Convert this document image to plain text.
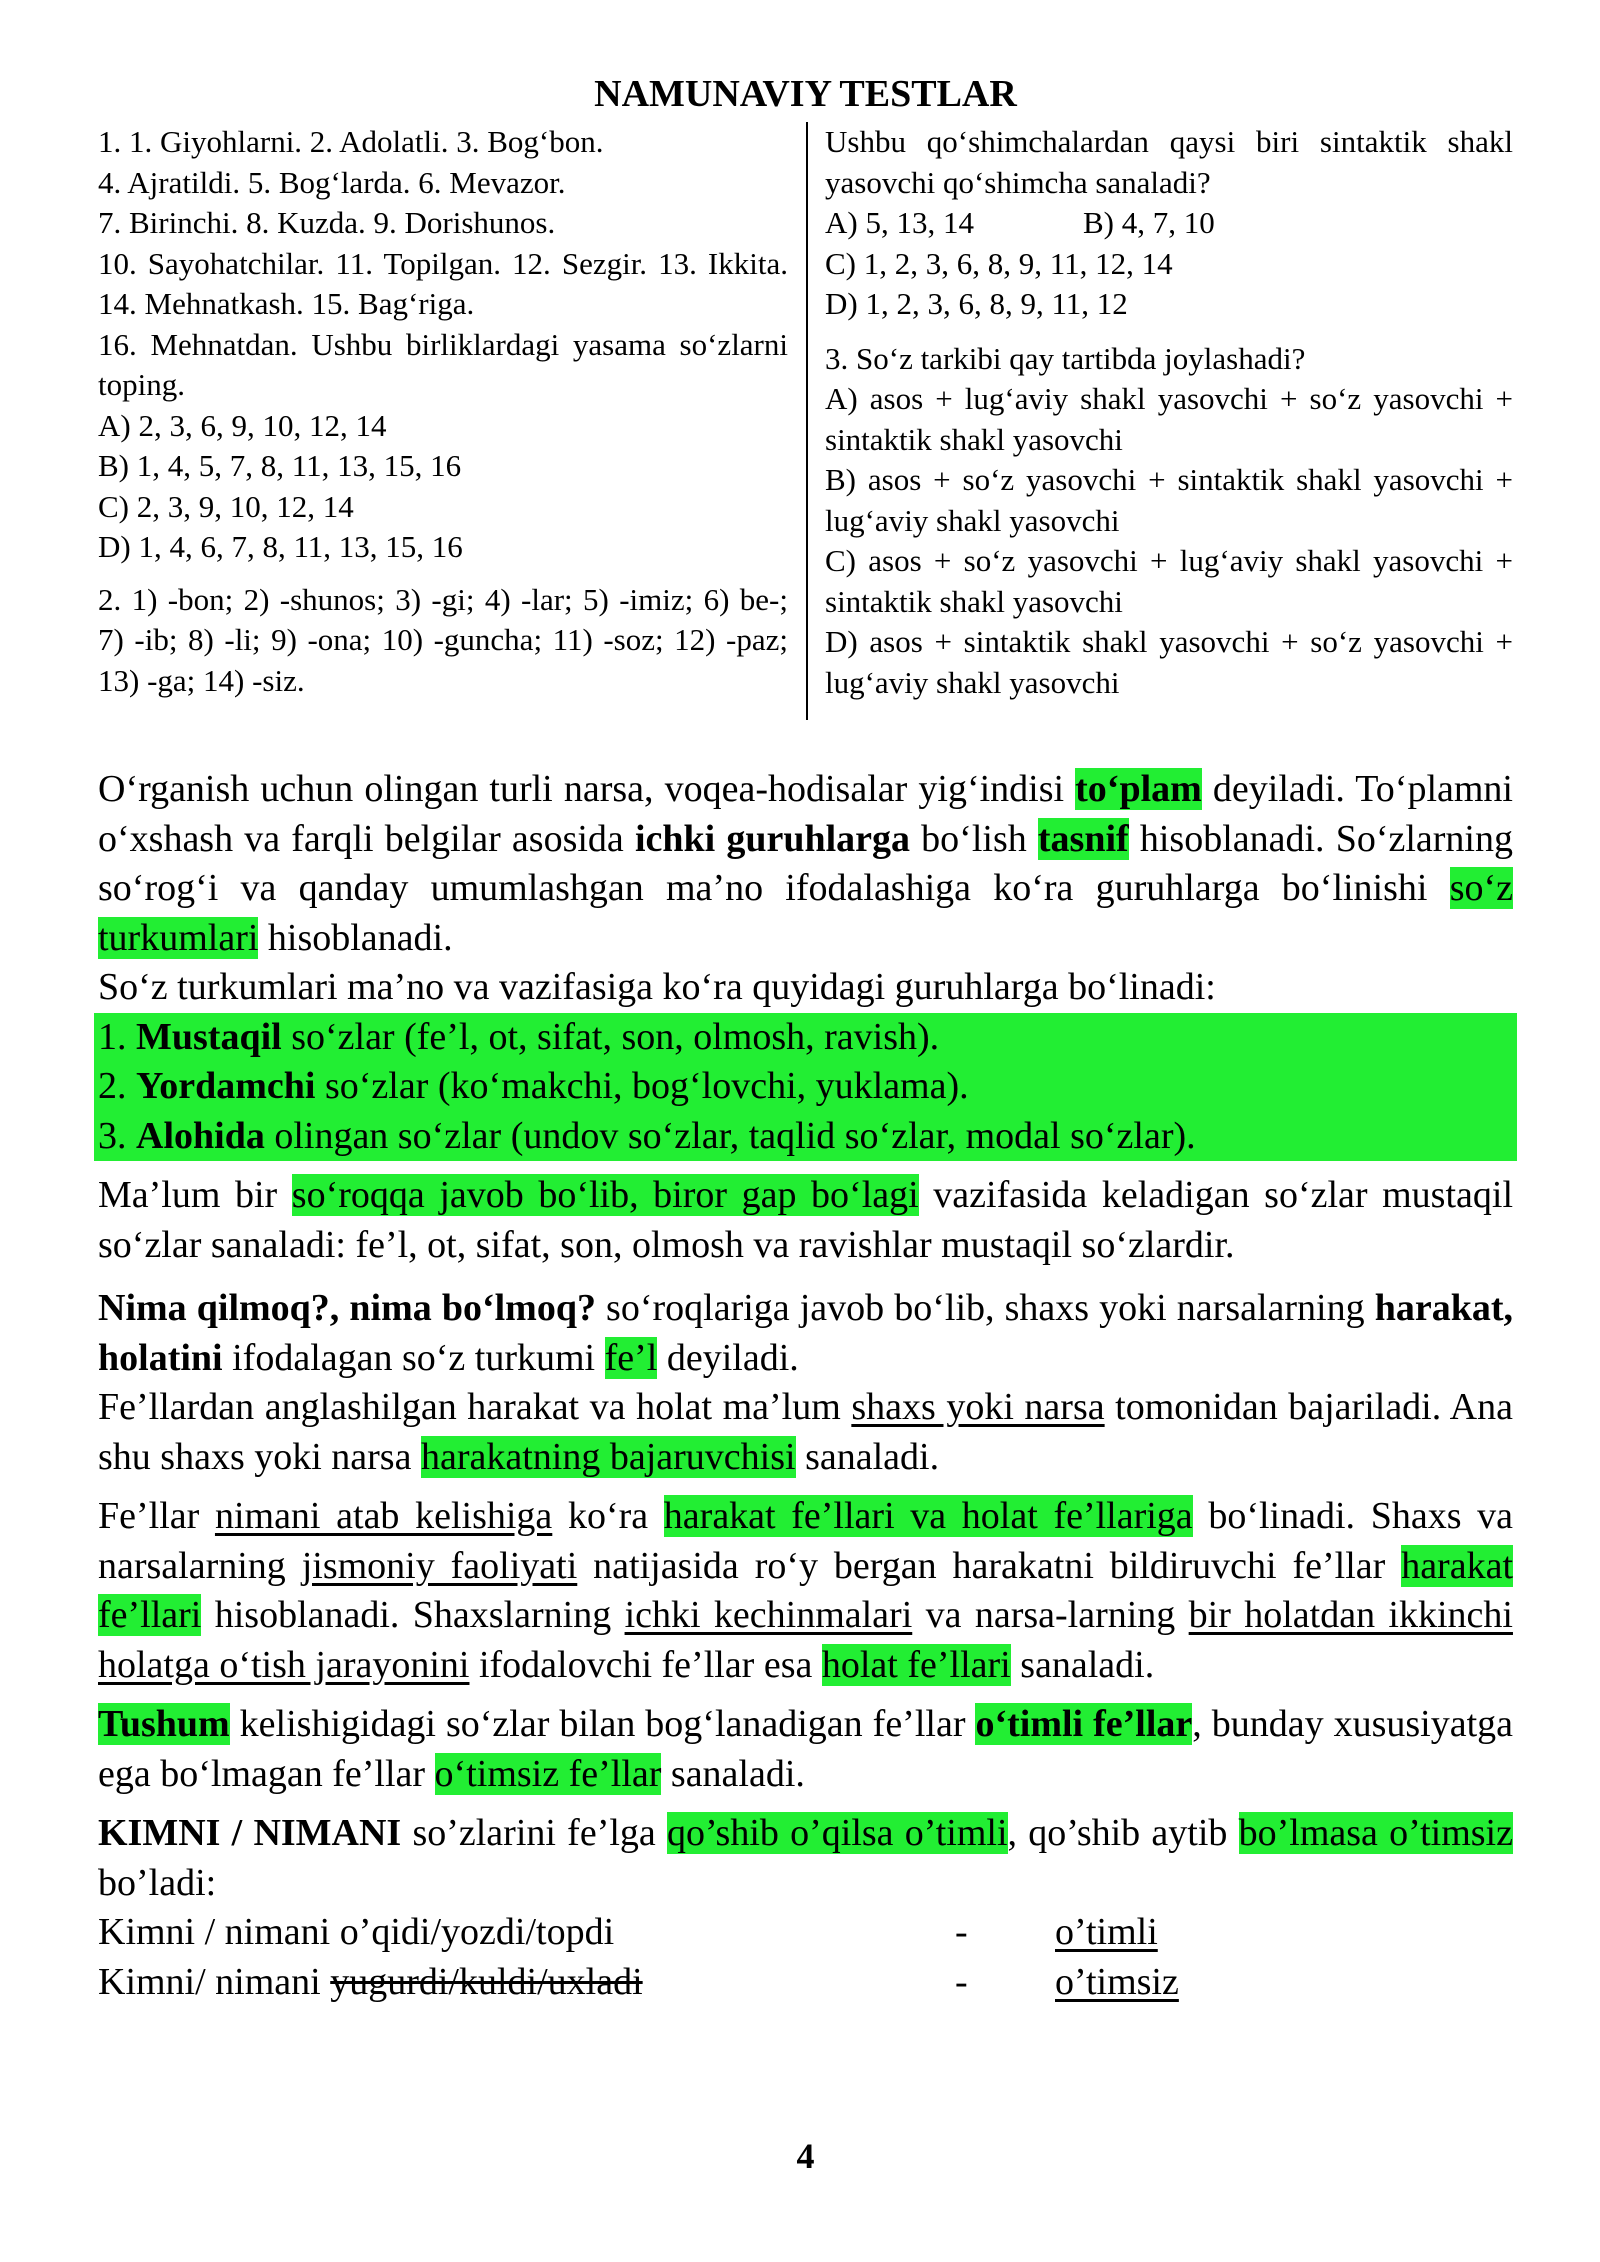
NAMUNAVIY TESTLAR

1. 1. Giyohlarni. 2. Adolatli. 3. Bog‘bon.

4. Ajratildi. 5. Bog‘larda. 6. Mevazor.

7. Birinchi. 8. Kuzda. 9. Dorishunos.

10. Sayohatchilar. 11. Topilgan. 12. Sezgir. 13. Ikkita. 14. Mehnatkash. 15. Bag‘riga.

16. Mehnatdan. Ushbu birliklardagi yasama so‘zlarni toping.

A) 2, 3, 6, 9, 10, 12, 14

B) 1, 4, 5, 7, 8, 11, 13, 15, 16

C) 2, 3, 9, 10, 12, 14

D) 1, 4, 6, 7, 8, 11, 13, 15, 16

2. 1) -bon; 2) -shunos; 3) -gi; 4) -lar; 5) -imiz; 6) be-; 7) -ib; 8) -li; 9) -ona; 10) -guncha; 11) -soz; 12) -paz; 13) -ga; 14) -siz.

Ushbu qo‘shimchalardan qaysi biri sintaktik shakl yasovchi qo‘shimcha sanaladi?

A) 5, 13, 14	B) 4, 7, 10

C) 1, 2, 3, 6, 8, 9, 11, 12, 14

D) 1, 2, 3, 6, 8, 9, 11, 12

3. So‘z tarkibi qay tartibda joylashadi?

A) asos + lug‘aviy shakl yasovchi + so‘z yasovchi + sintaktik shakl yasovchi

B) asos + so‘z yasovchi + sintaktik shakl yasovchi + lug‘aviy shakl yasovchi

C) asos + so‘z yasovchi + lug‘aviy shakl yasovchi + sintaktik shakl yasovchi

D) asos + sintaktik shakl yasovchi + so‘z yasovchi + lug‘aviy shakl yasovchi

O‘rganish uchun olingan turli narsa, voqea-hodisalar yig‘indisi to‘plam deyiladi. To‘plamni o‘xshash va farqli belgilar asosida ichki guruhlarga bo‘lish tasnif hisoblanadi. So‘zlarning so‘rog‘i va qanday umumlashgan ma’no ifodalashiga ko‘ra guruhlarga bo‘linishi so‘z turkumlari hisoblanadi.

So‘z turkumlari ma’no va vazifasiga ko‘ra quyidagi guruhlarga bo‘linadi:

1. Mustaqil so‘zlar (fe’l, ot, sifat, son, olmosh, ravish).
2. Yordamchi so‘zlar (ko‘makchi, bog‘lovchi, yuklama).
3. Alohida olingan so‘zlar (undov so‘zlar, taqlid so‘zlar, modal so‘zlar).

Ma’lum bir so‘roqqa javob bo‘lib, biror gap bo‘lagi vazifasida keladigan so‘zlar mustaqil so‘zlar sanaladi: fe’l, ot, sifat, son, olmosh va ravishlar mustaqil so‘zlardir.

Nima qilmoq?, nima bo‘lmoq? so‘roqlariga javob bo‘lib, shaxs yoki narsalarning harakat, holatini ifodalagan so‘z turkumi fe’l deyiladi.

Fe’llardan anglashilgan harakat va holat ma’lum shaxs yoki narsa tomonidan bajariladi. Ana shu shaxs yoki narsa harakatning bajaruvchisi sanaladi.

Fe’llar nimani atab kelishiga ko‘ra harakat fe’llari va holat fe’llariga bo‘linadi. Shaxs va narsalarning jismoniy faoliyati natijasida ro‘y bergan harakatni bildiruvchi fe’llar harakat fe’llari hisoblanadi. Shaxslarning ichki kechinmalari va narsa-larning bir holatdan ikkinchi holatga o‘tish jarayonini ifodalovchi fe’llar esa holat fe’llari sanaladi.

Tushum kelishigidagi so‘zlar bilan bog‘lanadigan fe’llar o‘timli fe’llar, bunday xususiyatga ega bo‘lmagan fe’llar o‘timsiz fe’llar sanaladi.

KIMNI / NIMANI so’zlarini fe’lga qo’shib o’qilsa o’timli, qo’shib aytib bo’lmasa o’timsiz bo’ladi:

Kimni / nimani o’qidi/yozdi/topdi	- o’timli
Kimni/ nimani yugurdi/kuldi/uxladi	- o’timsiz
4
